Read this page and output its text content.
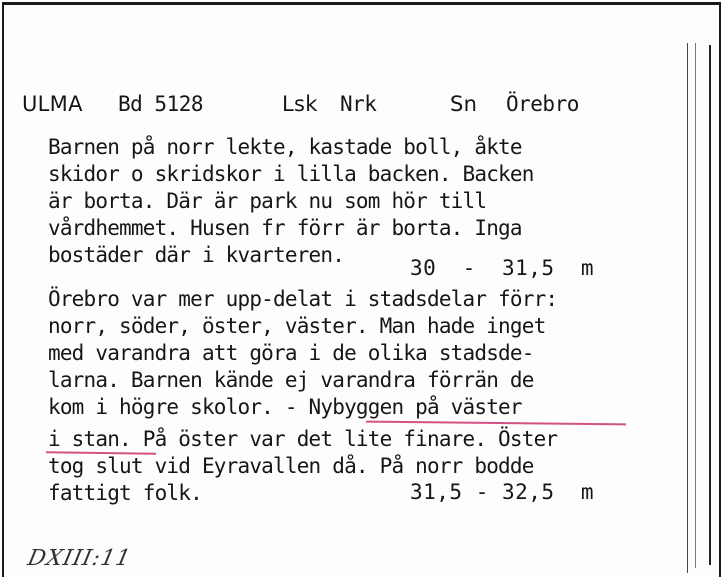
ULMA Bd 5128	Lsk Nrk	Sn Örebro
Barnen på norr lekte, kastade boll, åkte
skidor o skridskor i lilla backen. Backen
är borta. Där är park nu som hör till
vårdhemmet. Husen fr förr är borta. Inga
bostäder där i kvarteren.
30  -  31,5  m
Örebro var mer upp-delat i stadsdelar förr:
norr, söder, öster, väster. Man hade inget
med varandra att göra i de olika stadsde-
larna. Barnen kände ej varandra förrän de
kom i högre skolor. - Nybyggen på väster
i stan. På öster var det lite finare. Öster
tog slut vid Eyravallen då. På norr bodde
fattigt folk.	31,5 - 32,5  m
DXIII:11
